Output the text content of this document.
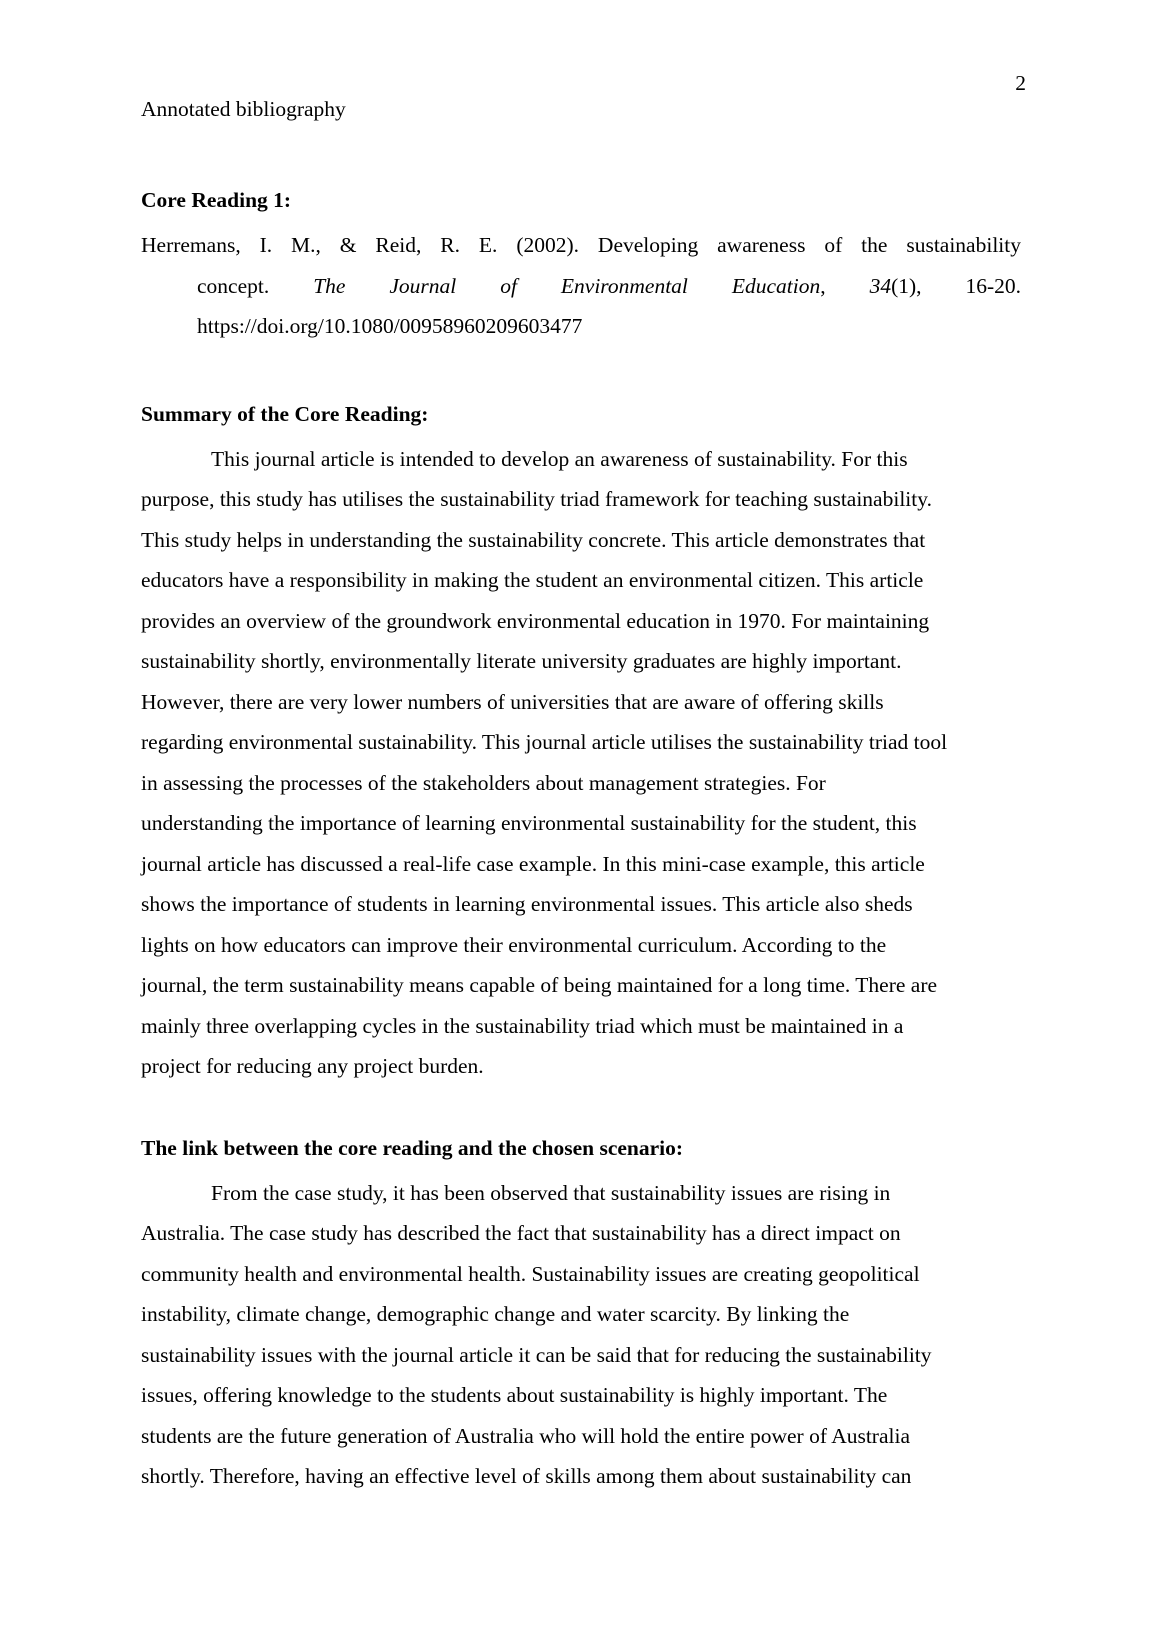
2
Annotated bibliography
Core Reading 1:
Herremans, I. M., & Reid, R. E. (2002). Developing awareness of the sustainability
concept. The Journal of Environmental Education, 34(1), 16-20.
https://doi.org/10.1080/00958960209603477
Summary of the Core Reading:
This journal article is intended to develop an awareness of sustainability. For this
purpose, this study has utilises the sustainability triad framework for teaching sustainability.
This study helps in understanding the sustainability concrete. This article demonstrates that
educators have a responsibility in making the student an environmental citizen. This article
provides an overview of the groundwork environmental education in 1970. For maintaining
sustainability shortly, environmentally literate university graduates are highly important.
However, there are very lower numbers of universities that are aware of offering skills
regarding environmental sustainability. This journal article utilises the sustainability triad tool
in assessing the processes of the stakeholders about management strategies. For
understanding the importance of learning environmental sustainability for the student, this
journal article has discussed a real-life case example. In this mini-case example, this article
shows the importance of students in learning environmental issues. This article also sheds
lights on how educators can improve their environmental curriculum. According to the
journal, the term sustainability means capable of being maintained for a long time. There are
mainly three overlapping cycles in the sustainability triad which must be maintained in a
project for reducing any project burden.
The link between the core reading and the chosen scenario:
From the case study, it has been observed that sustainability issues are rising in
Australia. The case study has described the fact that sustainability has a direct impact on
community health and environmental health. Sustainability issues are creating geopolitical
instability, climate change, demographic change and water scarcity. By linking the
sustainability issues with the journal article it can be said that for reducing the sustainability
issues, offering knowledge to the students about sustainability is highly important. The
students are the future generation of Australia who will hold the entire power of Australia
shortly. Therefore, having an effective level of skills among them about sustainability can
